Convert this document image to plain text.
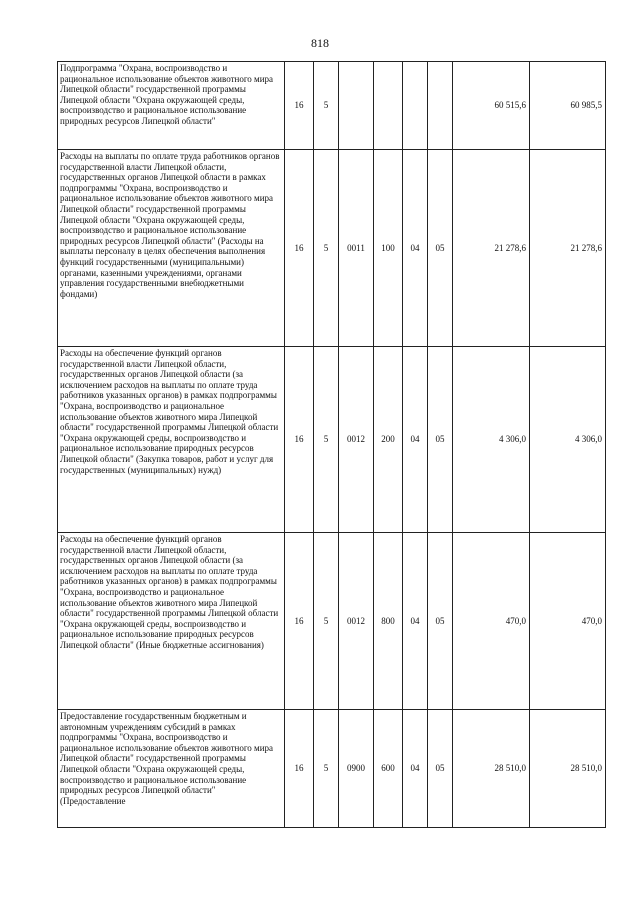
818
Подпрограмма "Охрана, воспроизводство и рациональное использование объектов животного мира Липецкой области" государственной программы Липецкой области "Охрана окружающей среды, воспроизводство и рациональное использование природных ресурсов Липецкой области"	16	5					60 515,6	60 985,5
Расходы на выплаты по оплате труда работников органов государственной власти Липецкой области, государственных органов Липецкой области в рамках подпрограммы "Охрана, воспроизводство и рациональное использование объектов животного мира Липецкой области" государственной программы Липецкой области "Охрана окружающей среды, воспроизводство и рациональное использование природных ресурсов Липецкой области" (Расходы на выплаты персоналу в целях обеспечения выполнения функций государственными (муниципальными) органами, казенными учреждениями, органами управления государственными внебюджетными фондами)	16	5	0011	100	04	05	21 278,6	21 278,6
Расходы на обеспечение функций органов государственной власти Липецкой области, государственных органов Липецкой области (за исключением расходов на выплаты по оплате труда работников указанных органов) в рамках подпрограммы "Охрана, воспроизводство и рациональное использование объектов животного мира Липецкой области" государственной программы Липецкой области "Охрана окружающей среды, воспроизводство и рациональное использование природных ресурсов Липецкой области" (Закупка товаров, работ и услуг для государственных (муниципальных) нужд)	16	5	0012	200	04	05	4 306,0	4 306,0
Расходы на обеспечение функций органов государственной власти Липецкой области, государственных органов Липецкой области (за исключением расходов на выплаты по оплате труда работников указанных органов) в рамках подпрограммы "Охрана, воспроизводство и рациональное использование объектов животного мира Липецкой области" государственной программы Липецкой области "Охрана окружающей среды, воспроизводство и рациональное использование природных ресурсов Липецкой области" (Иные бюджетные ассигнования)	16	5	0012	800	04	05	470,0	470,0

Предоставление государственным бюджетным и автономным учреждениям субсидий в рамках подпрограммы "Охрана, воспроизводство и рациональное использование объектов животного мира Липецкой области" государственной программы Липецкой области "Охрана окружающей среды, воспроизводство и рациональное использование природных ресурсов Липецкой области" (Предоставление	16	5	0900	600	04	05	28 510,0	28 510,0
